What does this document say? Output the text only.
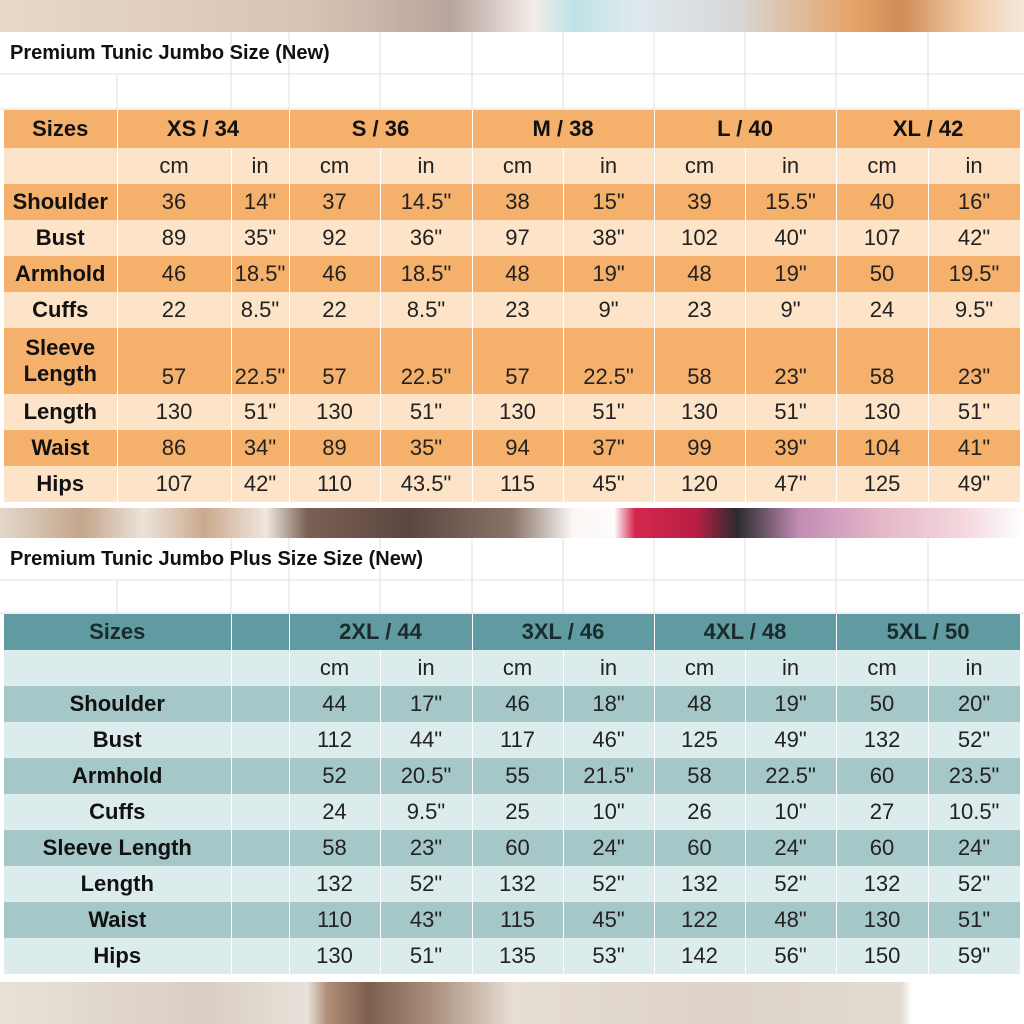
Premium Tunic Jumbo Size (New)
Sizes	XS / 34		S / 36		M / 38		L / 40		XL / 42	
	cm	in	cm	in	cm	in	cm	in	cm	in
Shoulder	36	14"	37	14.5"	38	15"	39	15.5"	40	16"
Bust	89	35"	92	36"	97	38"	102	40"	107	42"
Armhold	46	18.5"	46	18.5"	48	19"	48	19"	50	19.5"
Cuffs	22	8.5"	22	8.5"	23	9"	23	9"	24	9.5"
Sleeve Length	57	22.5"	57	22.5"	57	22.5"	58	23"	58	23"
Length	130	51"	130	51"	130	51"	130	51"	130	51"
Waist	86	34"	89	35"	94	37"	99	39"	104	41"
Hips	107	42"	110	43.5"	115	45"	120	47"	125	49"
Premium Tunic Jumbo Plus Size Size (New)
Sizes		2XL / 44		3XL / 46		4XL / 48		5XL / 50	
		cm	in	cm	in	cm	in	cm	in
Shoulder		44	17"	46	18"	48	19"	50	20"
Bust		112	44"	117	46"	125	49"	132	52"
Armhold		52	20.5"	55	21.5"	58	22.5"	60	23.5"
Cuffs		24	9.5"	25	10"	26	10"	27	10.5"
Sleeve Length		58	23"	60	24"	60	24"	60	24"
Length		132	52"	132	52"	132	52"	132	52"
Waist		110	43"	115	45"	122	48"	130	51"
Hips		130	51"	135	53"	142	56"	150	59"
